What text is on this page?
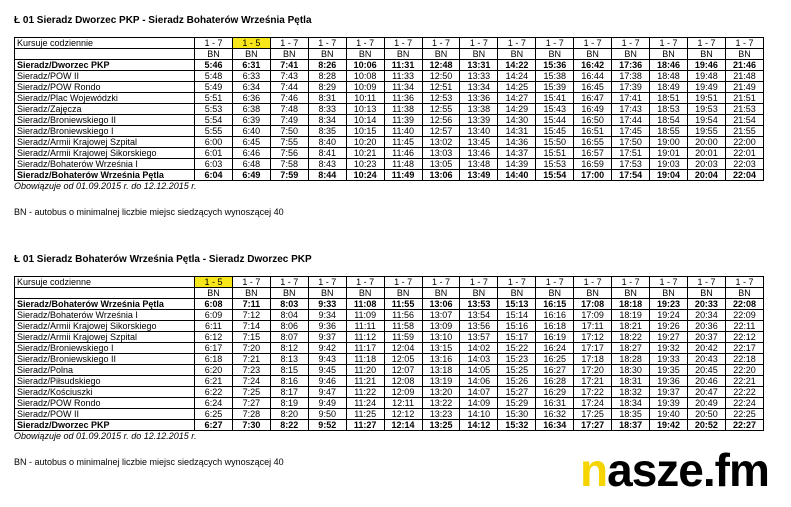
Ł 01 Sieradz Dworzec PKP - Sieradz Bohaterów Września Pętla

Kursuje codziennie	1 - 7	1 - 5	1 - 7	1 - 7	1 - 7	1 - 7	1 - 7	1 - 7	1 - 7	1 - 7	1 - 7	1 - 7	1 - 7	1 - 7	1 - 7
	BN	BN	BN	BN	BN	BN	BN	BN	BN	BN	BN	BN	BN	BN	BN
Sieradz/Dworzec PKP	5:46	6:31	7:41	8:26	10:06	11:31	12:48	13:31	14:22	15:36	16:42	17:36	18:46	19:46	21:46
Sieradz/POW II	5:48	6:33	7:43	8:28	10:08	11:33	12:50	13:33	14:24	15:38	16:44	17:38	18:48	19:48	21:48
Sieradz/POW Rondo	5:49	6:34	7:44	8:29	10:09	11:34	12:51	13:34	14:25	15:39	16:45	17:39	18:49	19:49	21:49
Sieradz/Plac Wojewódzki	5:51	6:36	7:46	8:31	10:11	11:36	12:53	13:36	14:27	15:41	16:47	17:41	18:51	19:51	21:51
Sieradz/Zajęcza	5:53	6:38	7:48	8:33	10:13	11:38	12:55	13:38	14:29	15:43	16:49	17:43	18:53	19:53	21:53
Sieradz/Broniewskiego II	5:54	6:39	7:49	8:34	10:14	11:39	12:56	13:39	14:30	15:44	16:50	17:44	18:54	19:54	21:54
Sieradz/Broniewskiego I	5:55	6:40	7:50	8:35	10:15	11:40	12:57	13:40	14:31	15:45	16:51	17:45	18:55	19:55	21:55
Sieradz/Armii Krajowej Szpital	6:00	6:45	7:55	8:40	10:20	11:45	13:02	13:45	14:36	15:50	16:55	17:50	19:00	20:00	22:00
Sieradz/Armii Krajowej Sikorskiego	6:01	6:46	7:56	8:41	10:21	11:46	13:03	13:46	14:37	15:51	16:57	17:51	19:01	20:01	22:01
Sieradz/Bohaterów Września I	6:03	6:48	7:58	8:43	10:23	11:48	13:05	13:48	14:39	15:53	16:59	17:53	19:03	20:03	22:03
Sieradz/Bohaterów Września Pętla	6:04	6:49	7:59	8:44	10:24	11:49	13:06	13:49	14:40	15:54	17:00	17:54	19:04	20:04	22:04
Obowiązuje od 01.09.2015 r. do 12.12.2015 r.
BN - autobus o minimalnej liczbie miejsc siedzących wynoszącej 40

Ł 01 Sieradz Bohaterów Września Pętla - Sieradz Dworzec PKP

Kursuje codzienne	1 - 5	1 - 7	1 - 7	1 - 7	1 - 7	1 - 7	1 - 7	1 - 7	1 - 7	1 - 7	1 - 7	1 - 7	1 - 7	1 - 7	1 - 7
	BN	BN	BN	BN	BN	BN	BN	BN	BN	BN	BN	BN	BN	BN	BN
Sieradz/Bohaterów Września Pętla	6:08	7:11	8:03	9:33	11:08	11:55	13:06	13:53	15:13	16:15	17:08	18:18	19:23	20:33	22:08
Sieradz/Bohaterów Września I	6:09	7:12	8:04	9:34	11:09	11:56	13:07	13:54	15:14	16:16	17:09	18:19	19:24	20:34	22:09
Sieradz/Armii Krajowej Sikorskiego	6:11	7:14	8:06	9:36	11:11	11:58	13:09	13:56	15:16	16:18	17:11	18:21	19:26	20:36	22:11
Sieradz/Armii Krajowej Szpital	6:12	7:15	8:07	9:37	11:12	11:59	13:10	13:57	15:17	16:19	17:12	18:22	19:27	20:37	22:12
Sieradz/Broniewskiego I	6:17	7:20	8:12	9:42	11:17	12:04	13:15	14:02	15:22	16:24	17:17	18:27	19:32	20:42	22:17
Sieradz/Broniewskiego II	6:18	7:21	8:13	9:43	11:18	12:05	13:16	14:03	15:23	16:25	17:18	18:28	19:33	20:43	22:18
Sieradz/Polna	6:20	7:23	8:15	9:45	11:20	12:07	13:18	14:05	15:25	16:27	17:20	18:30	19:35	20:45	22:20
Sieradz/Piłsudskiego	6:21	7:24	8:16	9:46	11:21	12:08	13:19	14:06	15:26	16:28	17:21	18:31	19:36	20:46	22:21
Sieradz/Kościuszki	6:22	7:25	8:17	9:47	11:22	12:09	13:20	14:07	15:27	16:29	17:22	18:32	19:37	20:47	22:22
Sieradz/POW Rondo	6:24	7:27	8:19	9:49	11:24	12:11	13:22	14:09	15:29	16:31	17:24	18:34	19:39	20:49	22:24
Sieradz/POW II	6:25	7:28	8:20	9:50	11:25	12:12	13:23	14:10	15:30	16:32	17:25	18:35	19:40	20:50	22:25
Sieradz/Dworzec PKP	6:27	7:30	8:22	9:52	11:27	12:14	13:25	14:12	15:32	16:34	17:27	18:37	19:42	20:52	22:27
Obowiązuje od 01.09.2015 r. do 12.12.2015 r.
BN - autobus o minimalnej liczbie miejsc siedzących wynoszącej 40	nasze.fm
